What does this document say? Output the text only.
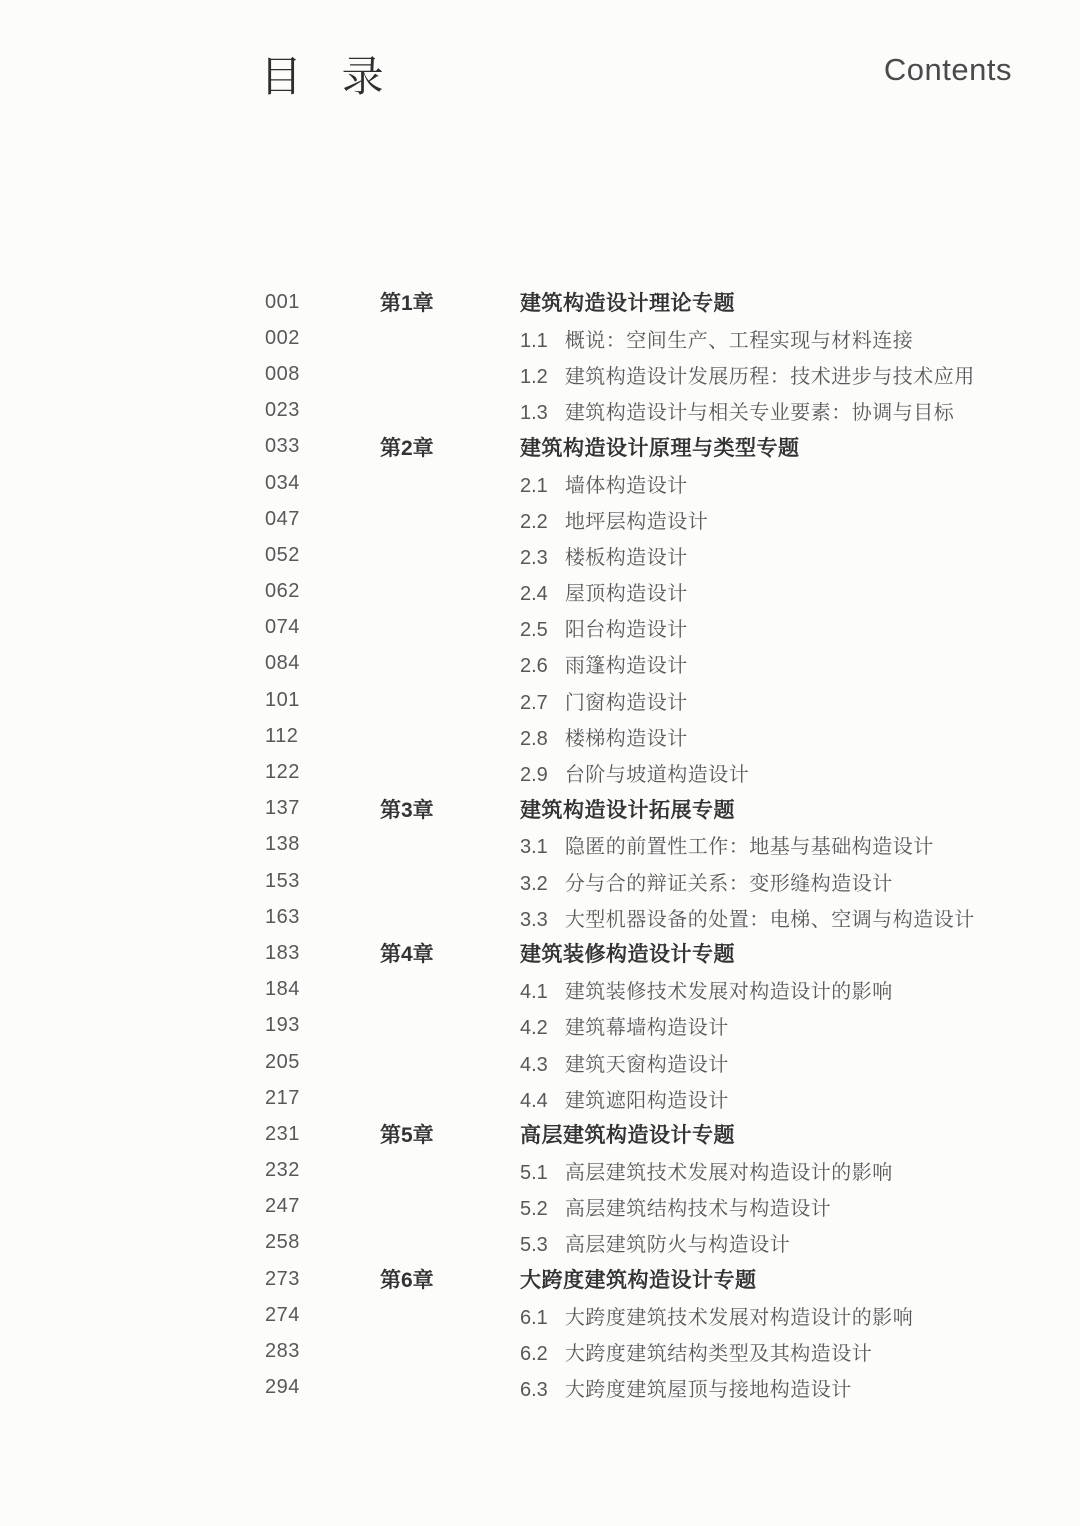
目 录	Contents
001	第1章	建筑构造设计理论专题
002	1.1 概说：空间生产、工程实现与材料连接
008	1.2 建筑构造设计发展历程：技术进步与技术应用
023	1.3 建筑构造设计与相关专业要素：协调与目标
033	第2章	建筑构造设计原理与类型专题
034	2.1 墙体构造设计
047	2.2 地坪层构造设计
052	2.3 楼板构造设计
062	2.4 屋顶构造设计
074	2.5 阳台构造设计
084	2.6 雨篷构造设计
101	2.7 门窗构造设计
112	2.8 楼梯构造设计
122	2.9 台阶与坡道构造设计
137	第3章	建筑构造设计拓展专题
138	3.1 隐匿的前置性工作：地基与基础构造设计
153	3.2 分与合的辩证关系：变形缝构造设计
163	3.3 大型机器设备的处置：电梯、空调与构造设计
183	第4章	建筑装修构造设计专题
184	4.1 建筑装修技术发展对构造设计的影响
193	4.2 建筑幕墙构造设计
205	4.3 建筑天窗构造设计
217	4.4 建筑遮阳构造设计
231	第5章	高层建筑构造设计专题
232	5.1 高层建筑技术发展对构造设计的影响
247	5.2 高层建筑结构技术与构造设计
258	5.3 高层建筑防火与构造设计
273	第6章	大跨度建筑构造设计专题
274	6.1 大跨度建筑技术发展对构造设计的影响
283	6.2 大跨度建筑结构类型及其构造设计
294	6.3 大跨度建筑屋顶与接地构造设计
